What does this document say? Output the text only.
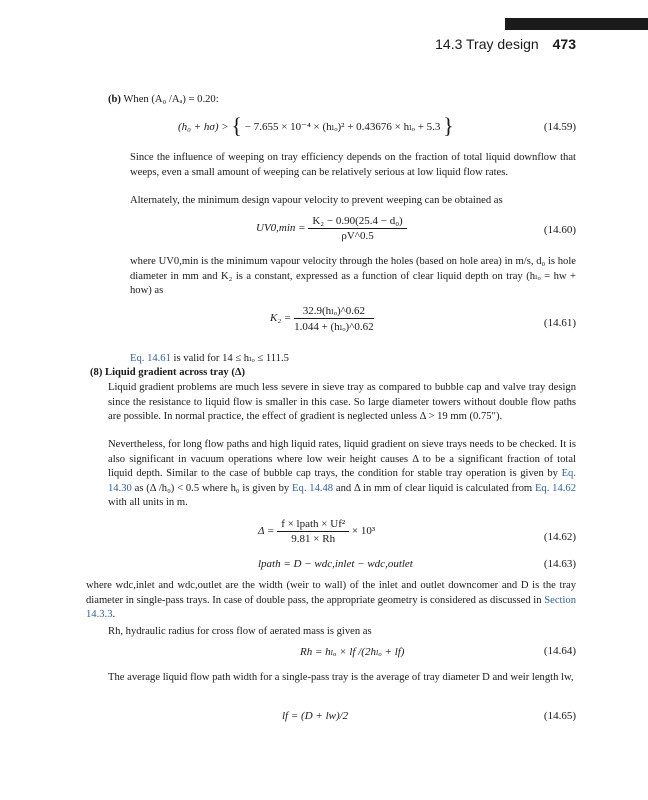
14.3 Tray design 473
(b) When (A₀ /Aₐ) = 0.20:
(h₀ + hσ) > { − 7.655 × 10⁻⁴ × (hₗₒ)² + 0.43676 × hₗₒ + 5.3 }	(14.59)
Since the influence of weeping on tray efficiency depends on the fraction of total liquid downflow that weeps, even a small amount of weeping can be relatively serious at low liquid flow rates.
Alternately, the minimum design vapour velocity to prevent weeping can be obtained as
$UV0,\min = \frac{\text{K₂ − 0.90(25.4 − d₀)}}{\rho V\^{}0.5}$	(14.60)
where UV0,min is the minimum vapour velocity through the holes (based on hole area) in m/s, d₀ is hole diameter in mm and K₂ is a constant, expressed as a function of clear liquid depth on tray (hₗₒ = hw + how) as
$K_2 = \frac{\text{32.9(hₗₒ)\textasciicircum{}0.62}}{\text{1.044 + (hₗₒ)\textasciicircum{}0.62}}$	(14.61)
Eq. 14.61 is valid for 14 ≤ hₗₒ ≤ 111.5
(8) Liquid gradient across tray (Δ)
Liquid gradient problems are much less severe in sieve tray as compared to bubble cap and valve tray design since the resistance to liquid flow is smaller in this case. So large diameter towers without double flow paths are possible. In normal practice, the effect of gradient is neglected unless Δ > 19 mm (0.75″).
Nevertheless, for long flow paths and high liquid rates, liquid gradient on sieve trays needs to be checked. It is also significant in vacuum operations where low weir height causes Δ to be a significant fraction of total liquid depth. Similar to the case of bubble cap trays, the condition for stable tray operation is given by Eq. 14.30 as (Δ /h₀) < 0.5 where h₀ is given by Eq. 14.48 and Δ in mm of clear liquid is calculated from Eq. 14.62 with all units in m.
$\Delta = \frac{\text{f × lpath × Uf²}}{9.81 \times Rh} \times 10^3$	(14.62)
lpath = D − wdc,inlet − wdc,outlet	(14.63)
where wdc,inlet and wdc,outlet are the width (weir to wall) of the inlet and outlet downcomer and D is the tray diameter in single-pass trays. In case of double pass, the appropriate geometry is considered as discussed in Section 14.3.3.
Rh, hydraulic radius for cross flow of aerated mass is given as
Rh = hₗₒ × lf /(2hₗₒ + lf)	(14.64)
The average liquid flow path width for a single-pass tray is the average of tray diameter D and weir length lw,
lf = (D + lw)/2	(14.65)
